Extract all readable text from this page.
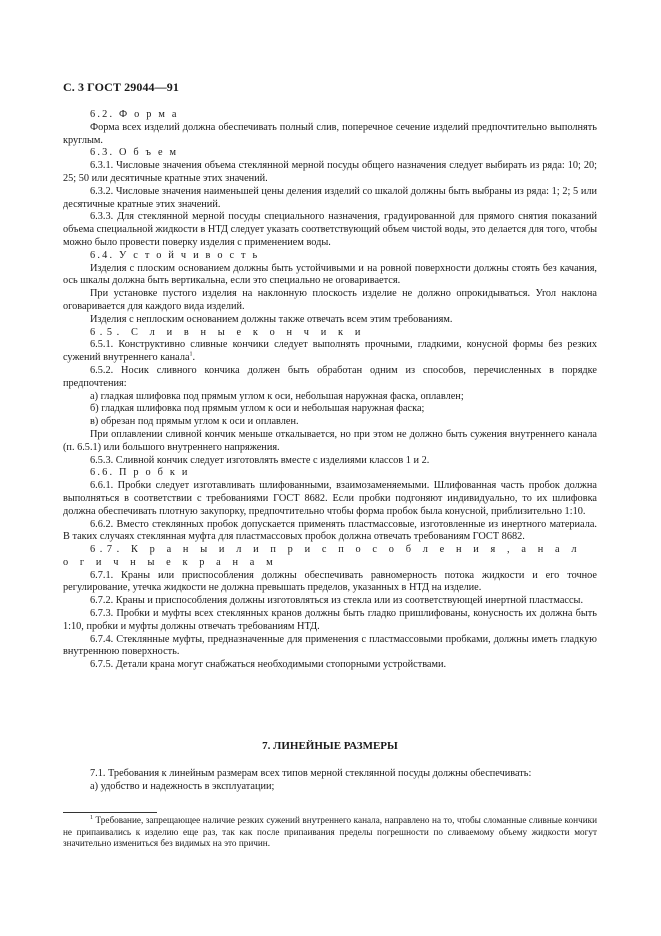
С. 3 ГОСТ 29044—91

6.2. Ф о р м а

Форма всех изделий должна обеспечивать полный слив, поперечное сечение изделий предпочтительно выполнять круглым.

6.3. О б ъ е м

6.3.1. Числовые значения объема стеклянной мерной посуды общего назначения следует выбирать из ряда: 10; 20; 25; 50 или десятичные кратные этих значений.

6.3.2. Числовые значения наименьшей цены деления изделий со шкалой должны быть выбраны из ряда: 1; 2; 5 или десятичные кратные этих значений.

6.3.3. Для стеклянной мерной посуды специального назначения, градуированной для прямого снятия показаний объема специальной жидкости в НТД следует указать соответствующий объем чистой воды, это делается для того, чтобы можно было провести поверку изделия с применением воды.

6.4. У с т о й ч и в о с т ь

Изделия с плоским основанием должны быть устойчивыми и на ровной поверхности должны стоять без качания, ось шкалы должна быть вертикальна, если это специально не оговаривается.

При установке пустого изделия на наклонную плоскость изделие не должно опрокидываться. Угол наклона оговаривается для каждого вида изделий.

Изделия с неплоским основанием должны также отвечать всем этим требованиям.

6.5. С л и в н ы е к о н ч и к и

6.5.1. Конструктивно сливные кончики следует выполнять прочными, гладкими, конусной формы без резких сужений внутреннего канала$^1$.

6.5.2. Носик сливного кончика должен быть обработан одним из способов, перечисленных в порядке предпочтения:

а) гладкая шлифовка под прямым углом к оси, небольшая наружная фаска, оплавлен;

б) гладкая шлифовка под прямым углом к оси и небольшая наружная фаска;

в) обрезан под прямым углом к оси и оплавлен.

При оплавлении сливной кончик меньше откалывается, но при этом не должно быть сужения внутреннего канала (п. 6.5.1) или большого внутреннего напряжения.

6.5.3. Сливной кончик следует изготовлять вместе с изделиями классов 1 и 2.

6.6. П р о б к и

6.6.1. Пробки следует изготавливать шлифованными, взаимозаменяемыми. Шлифованная часть пробок должна выполняться в соответствии с требованиями ГОСТ 8682. Если пробки подгоняют индивидуально, то их шлифовка должна обеспечивать плотную закупорку, предпочтительно чтобы форма пробок была конусной, приблизительно 1:10.

6.6.2. Вместо стеклянных пробок допускается применять пластмассовые, изготовленные из инертного материала. В таких случаях стеклянная муфта для пластмассовых пробок должна отвечать требованиям ГОСТ 8682.

6.7. К р а н ы и л и п р и с п о с о б л е н и я , а н а л о г и ч н ы е к р а н а м

6.7.1. Краны или приспособления должны обеспечивать равномерность потока жидкости и его точное регулирование, утечка жидкости не должна превышать пределов, указанных в НТД на изделие.

6.7.2. Краны и приспособления должны изготовляться из стекла или из соответствующей инертной пластмассы.

6.7.3. Пробки и муфты всех стеклянных кранов должны быть гладко пришлифованы, конусность их должна быть 1:10, пробки и муфты должны отвечать требованиям НТД.

6.7.4. Стеклянные муфты, предназначенные для применения с пластмассовыми пробками, должны иметь гладкую внутреннюю поверхность.

6.7.5. Детали крана могут снабжаться необходимыми стопорными устройствами.

7. ЛИНЕЙНЫЕ РАЗМЕРЫ

7.1. Требования к линейным размерам всех типов мерной стеклянной посуды должны обеспечивать:

а) удобство и надежность в эксплуатации;

$^1$ Требование, запрещающее наличие резких сужений внутреннего канала, направлено на то, чтобы сломанные сливные кончики не припаивались к изделию еще раз, так как после припаивания пределы погрешности по сливаемому объему жидкости могут значительно измениться без видимых на это причин.
